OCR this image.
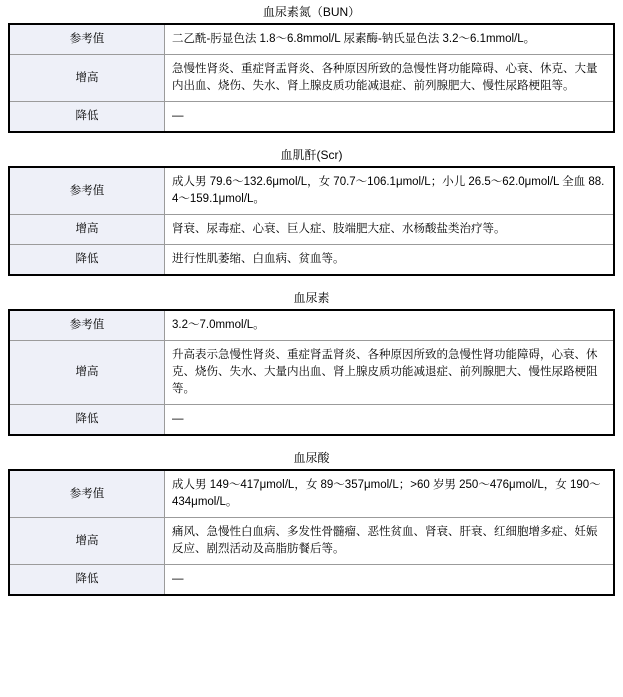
血尿素氮（BUN）
参考值	二乙酰-肟显色法 1.8～6.8mmol/L 尿素酶-钠氏显色法 3.2～6.1mmol/L。
增高	急慢性肾炎、重症肾盂肾炎、各种原因所致的急慢性肾功能障碍、心衰、休克、大量内出血、烧伤、失水、肾上腺皮质功能减退症、前列腺肥大、慢性尿路梗阻等。
降低	—
血肌酐(Scr)
参考值	成人男 79.6～132.6μmol/L，女 70.7～106.1μmol/L；小儿 26.5～62.0μmol/L 全血 88.4～159.1μmol/L。
增高	肾衰、尿毒症、心衰、巨人症、肢端肥大症、水杨酸盐类治疗等。
降低	进行性肌萎缩、白血病、贫血等。
血尿素
参考值	3.2～7.0mmol/L。
增高	升高表示急慢性肾炎、重症肾盂肾炎、各种原因所致的急慢性肾功能障碍，心衰、休克、烧伤、失水、大量内出血、肾上腺皮质功能减退症、前列腺肥大、慢性尿路梗阻等。
降低	—
血尿酸
参考值	成人男 149～417μmol/L，女 89～357μmol/L；>60 岁男 250～476μmol/L，女 190～434μmol/L。
增高	痛风、急慢性白血病、多发性骨髓瘤、恶性贫血、肾衰、肝衰、红细胞增多症、妊娠反应、剧烈活动及高脂肪餐后等。
降低	—
